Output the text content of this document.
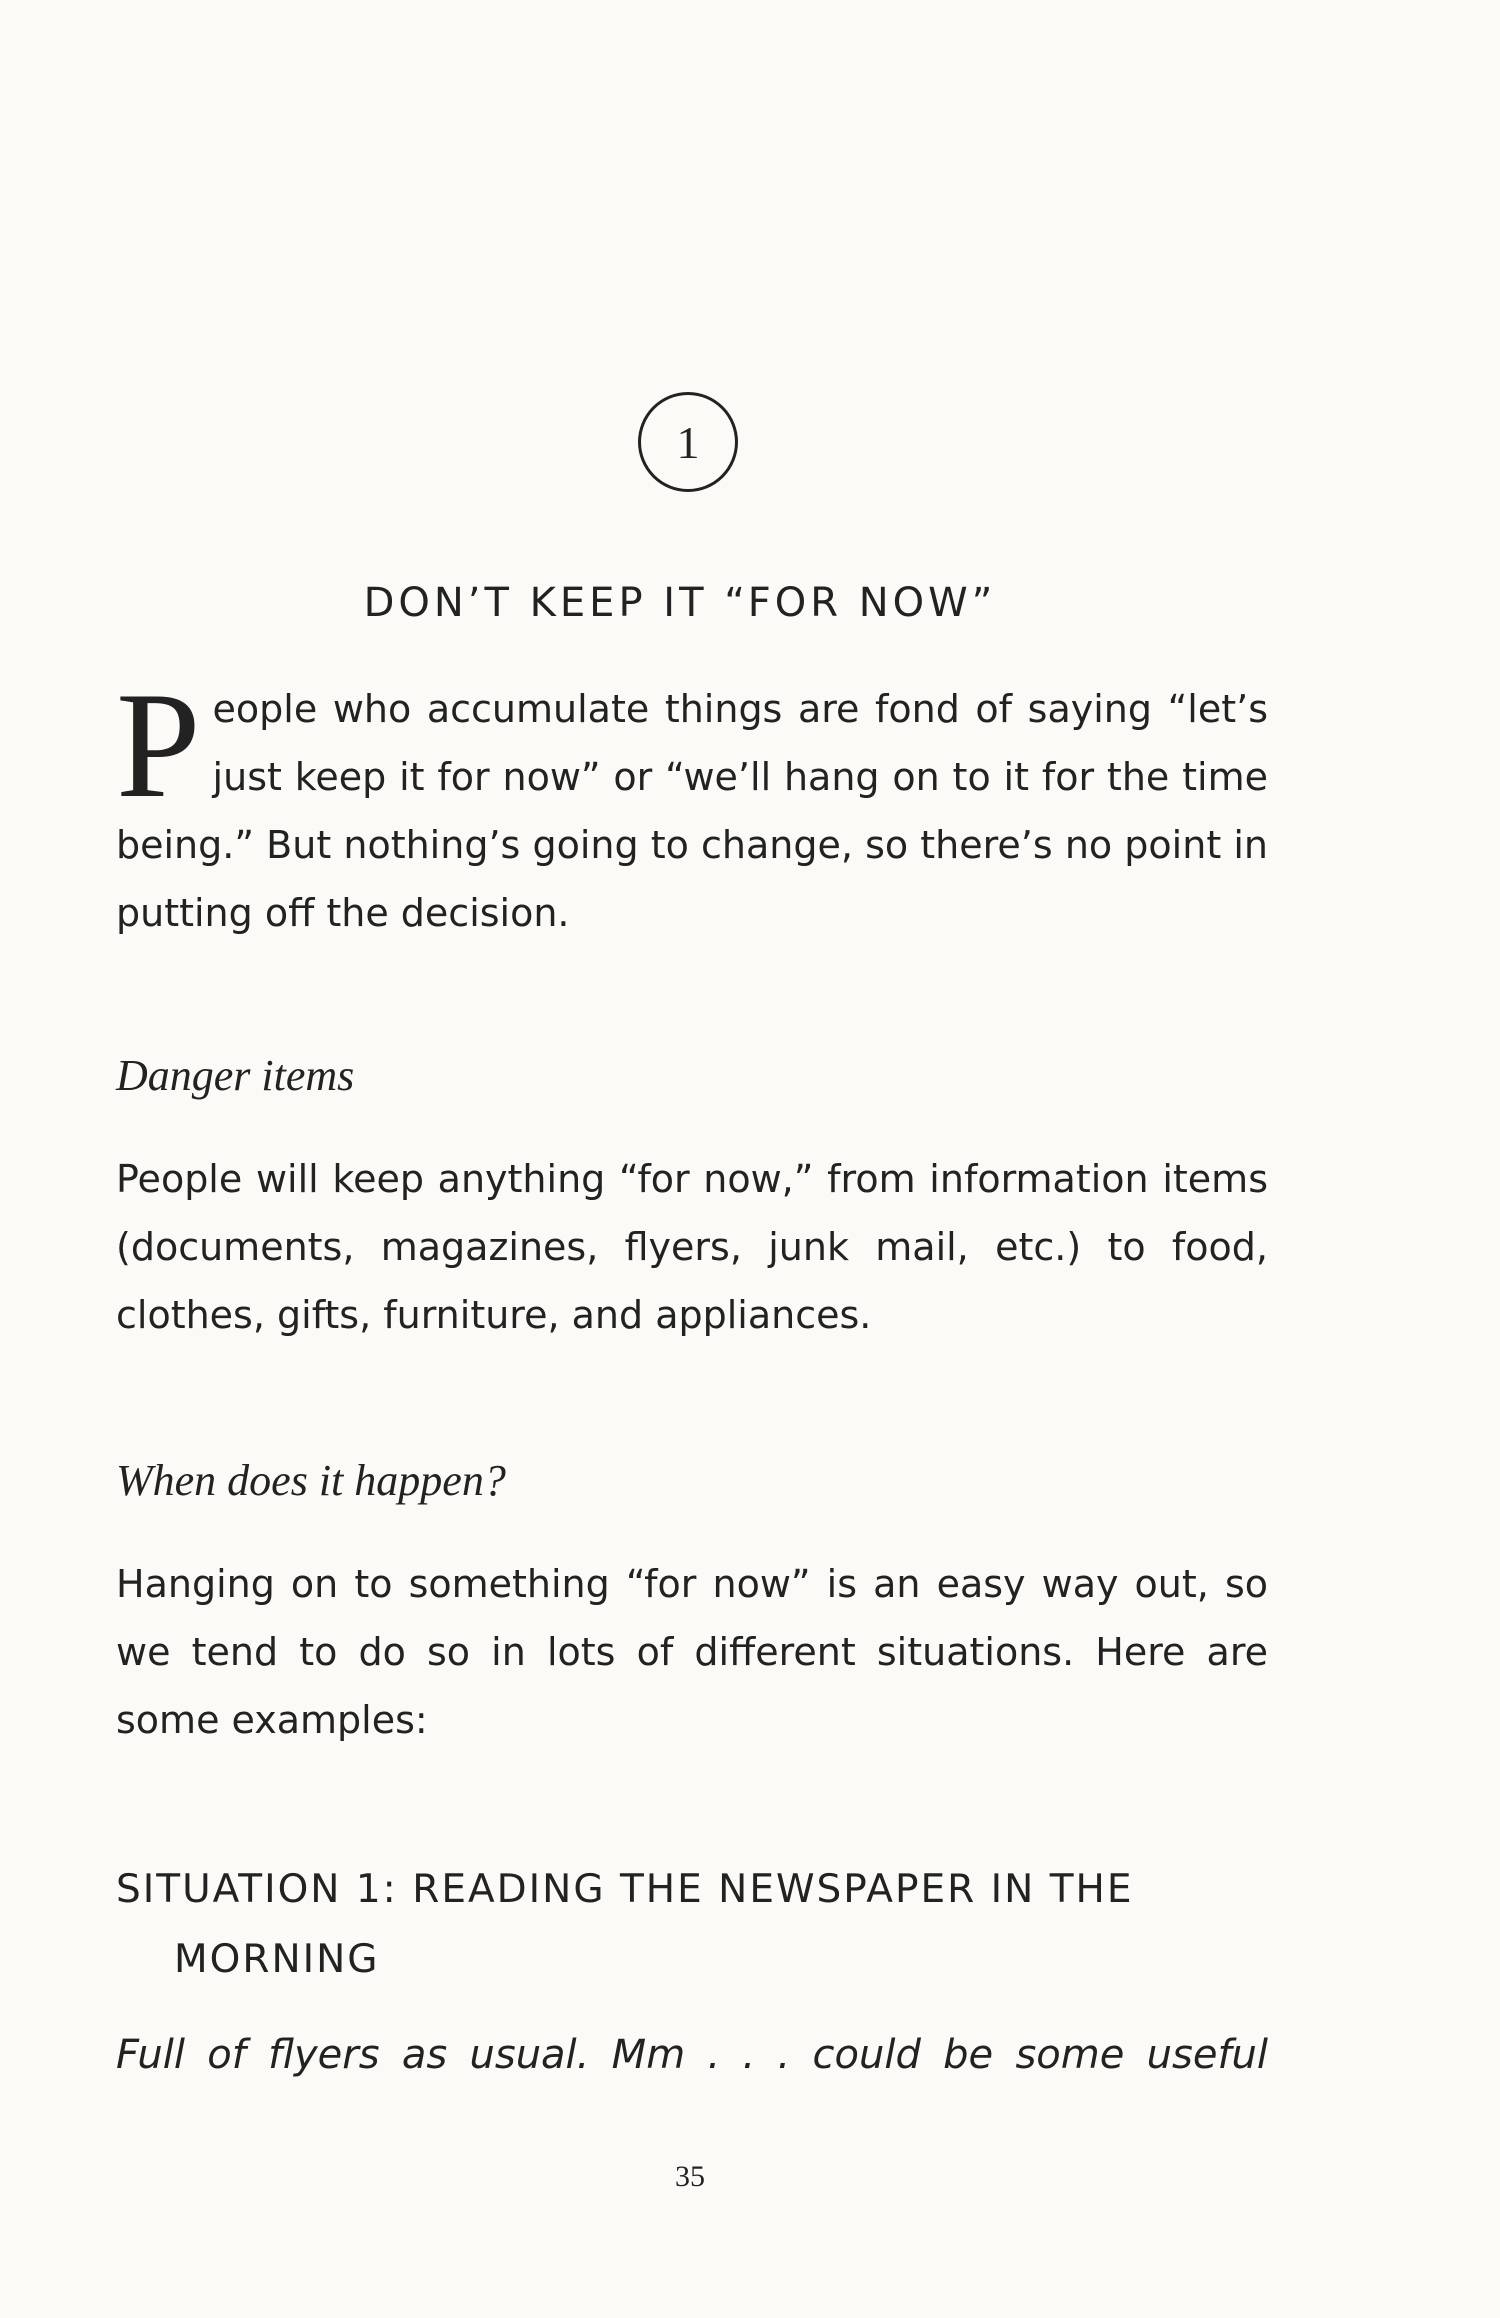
1
DON’T KEEP IT “FOR NOW”

People who accumulate things are fond of saying “let’s just keep it for now” or “we’ll hang on to it for the time being.” But nothing’s going to change, so there’s no point in putting off the decision.

Danger items

People will keep anything “for now,” from information items (documents, magazines, flyers, junk mail, etc.) to food, clothes, gifts, furniture, and appliances.

When does it happen?

Hanging on to something “for now” is an easy way out, so we tend to do so in lots of different situations. Here are some examples:

SITUATION 1: READING THE NEWSPAPER IN THE MORNING

Full of flyers as usual. Mm . . . could be some useful

35
